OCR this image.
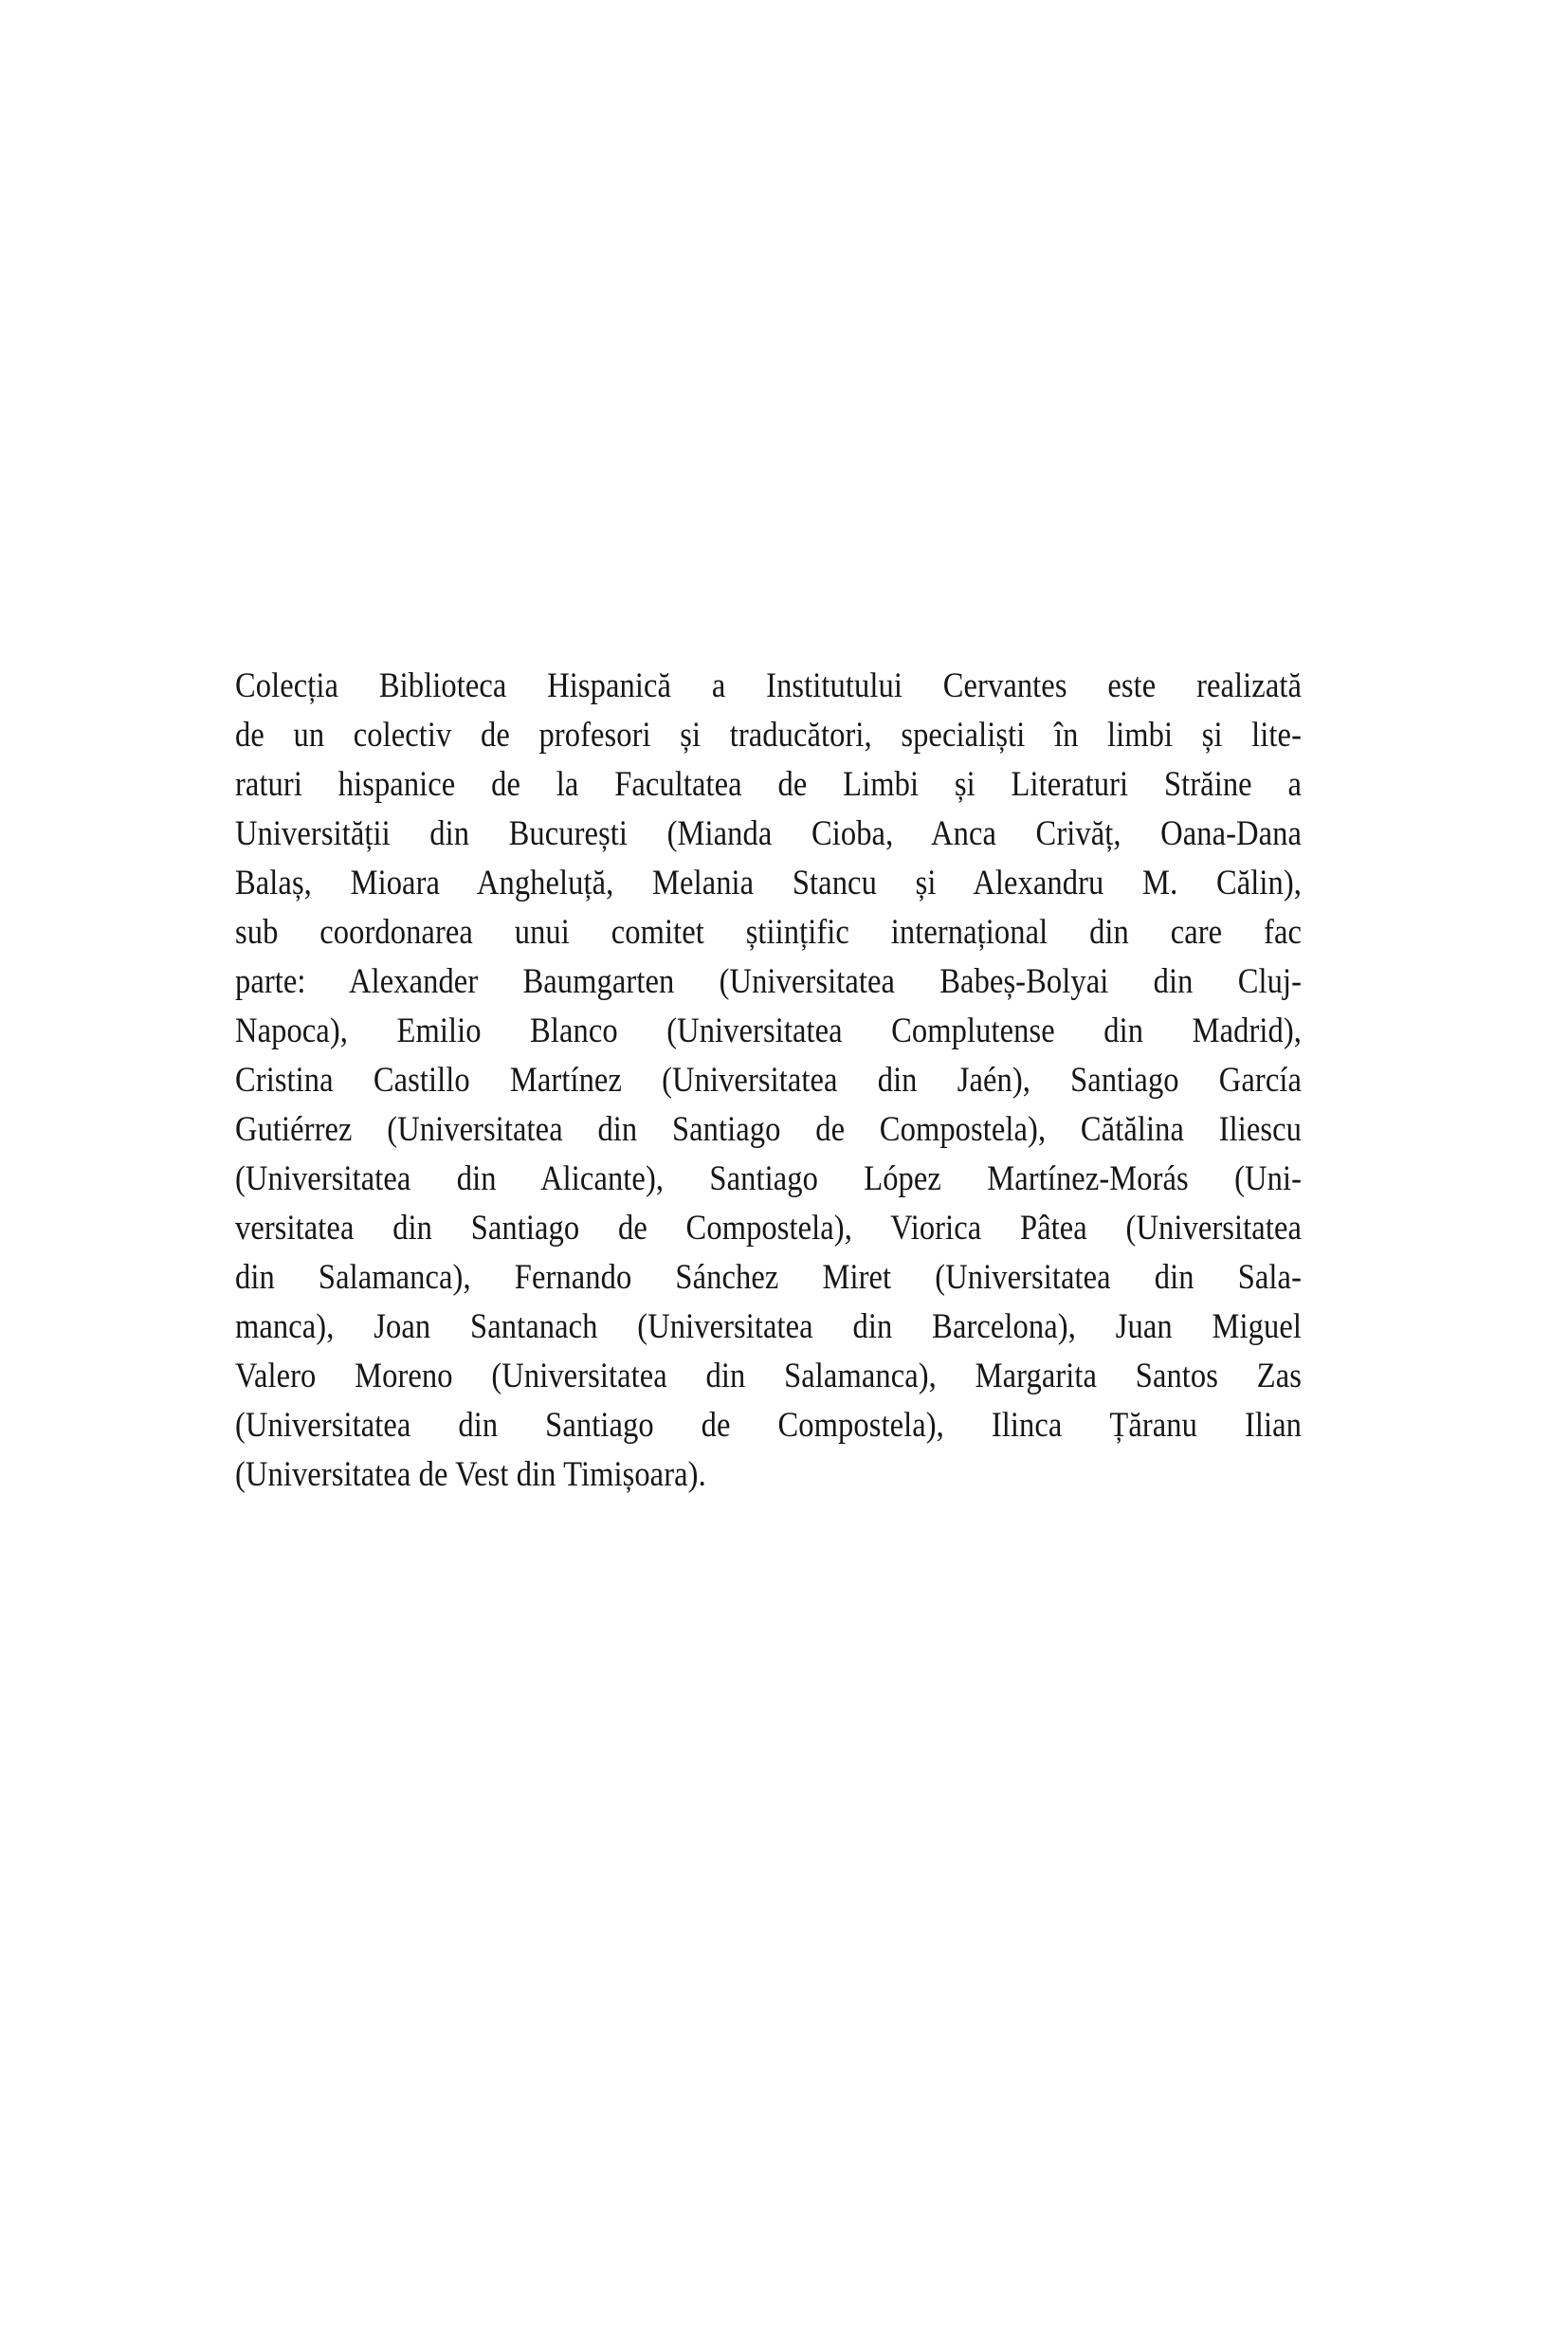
Colecția Biblioteca Hispanică a Institutului Cervantes este realizată
de un colectiv de profesori și traducători, specialiști în limbi și lite-
raturi hispanice de la Facultatea de Limbi și Literaturi Străine a
Universității din București (Mianda Cioba, Anca Crivăț, Oana-Dana
Balaș, Mioara Angheluță, Melania Stancu și Alexandru M. Călin),
sub coordonarea unui comitet științific internațional din care fac
parte: Alexander Baumgarten (Universitatea Babeș-Bolyai din Cluj-
Napoca), Emilio Blanco (Universitatea Complutense din Madrid),
Cristina Castillo Martínez (Universitatea din Jaén), Santiago García
Gutiérrez (Universitatea din Santiago de Compostela), Cătălina Iliescu
(Universitatea din Alicante), Santiago López Martínez-Morás (Uni-
versitatea din Santiago de Compostela), Viorica Pâtea (Universitatea
din Salamanca), Fernando Sánchez Miret (Universitatea din Sala-
manca), Joan Santanach (Universitatea din Barcelona), Juan Miguel
Valero Moreno (Universitatea din Salamanca), Margarita Santos Zas
(Universitatea din Santiago de Compostela), Ilinca Țăranu Ilian
(Universitatea de Vest din Timișoara).
